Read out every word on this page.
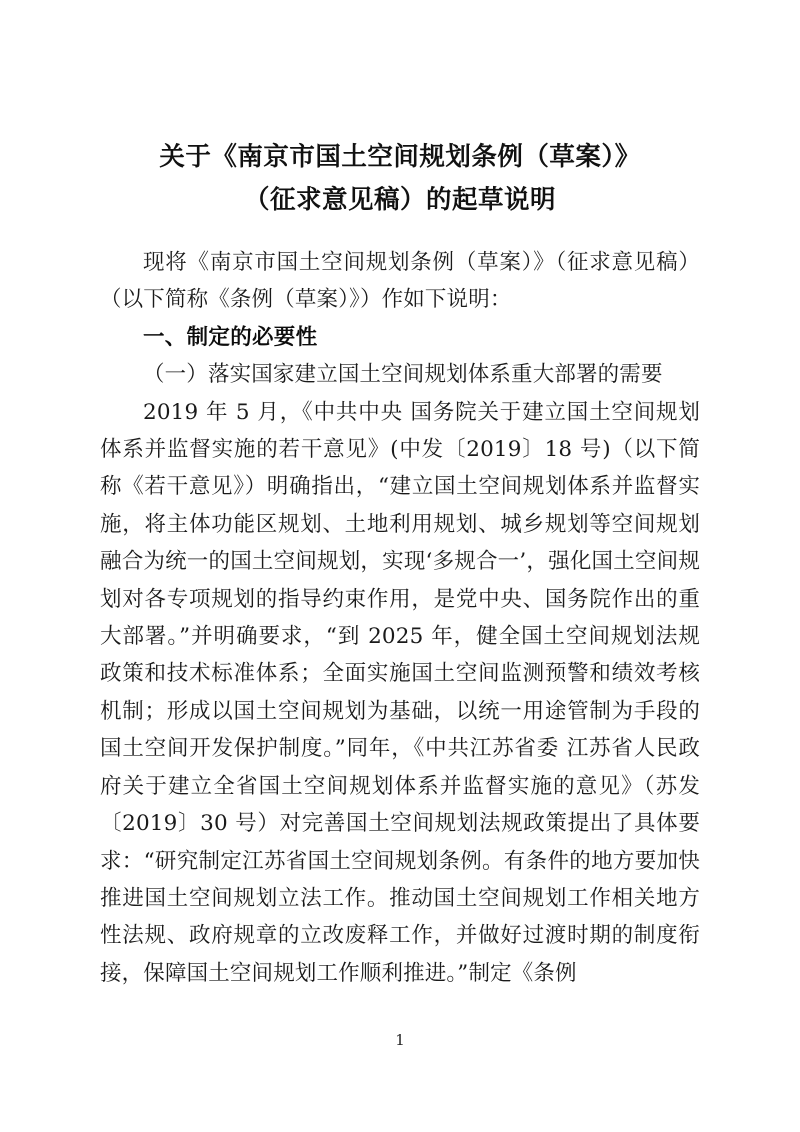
关于《南京市国土空间规划条例（草案）》
（征求意见稿）的起草说明

现将《南京市国土空间规划条例（草案）》（征求意见稿）（以下简称《条例（草案）》）作如下说明：

一、制定的必要性

（一）落实国家建立国土空间规划体系重大部署的需要

2019 年 5 月，《中共中央 国务院关于建立国土空间规划体系并监督实施的若干意见》(中发〔2019〕18 号)（以下简称《若干意见》）明确指出，“建立国土空间规划体系并监督实施，将主体功能区规划、土地利用规划、城乡规划等空间规划融合为统一的国土空间规划，实现‘多规合一’，强化国土空间规划对各专项规划的指导约束作用，是党中央、国务院作出的重大部署。”并明确要求，“到 2025 年，健全国土空间规划法规政策和技术标准体系；全面实施国土空间监测预警和绩效考核机制；形成以国土空间规划为基础，以统一用途管制为手段的国土空间开发保护制度。”同年，《中共江苏省委 江苏省人民政府关于建立全省国土空间规划体系并监督实施的意见》（苏发〔2019〕30 号）对完善国土空间规划法规政策提出了具体要求：“研究制定江苏省国土空间规划条例。有条件的地方要加快推进国土空间规划立法工作。推动国土空间规划工作相关地方性法规、政府规章的立改废释工作，并做好过渡时期的制度衔接，保障国土空间规划工作顺利推进。”制定《条例

1
